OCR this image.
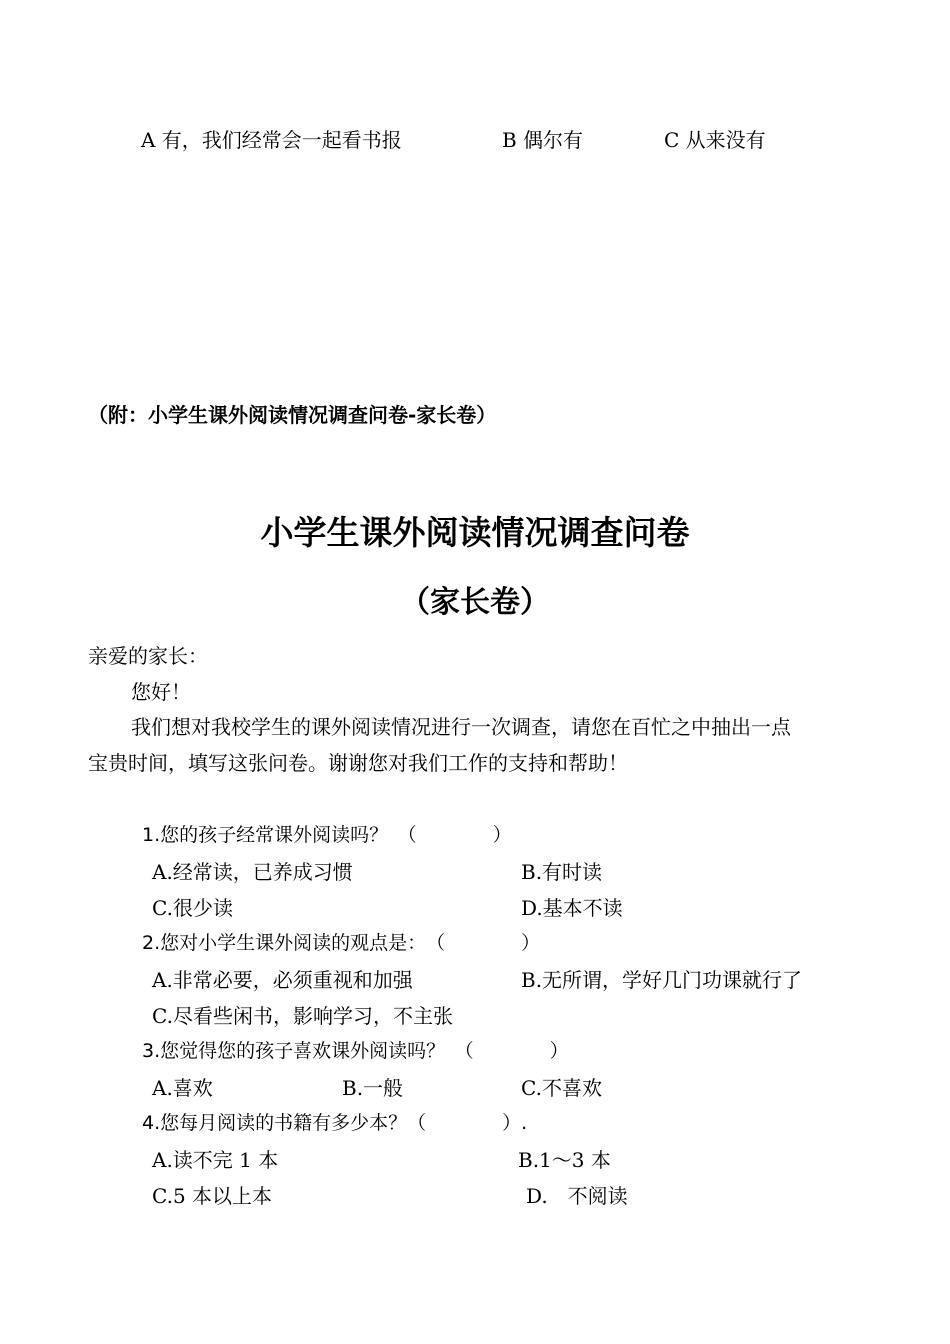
A 有，我们经常会一起看书报	B 偶尔有	C 从来没有
（附：小学生课外阅读情况调查问卷-家长卷）
小学生课外阅读情况调查问卷
（家长卷）
亲爱的家长：
您好！
我们想对我校学生的课外阅读情况进行一次调查，请您在百忙之中抽出一点
宝贵时间，填写这张问卷。谢谢您对我们工作的支持和帮助！
1.您的孩子经常课外阅读吗？　（　　　　）
A.经常读，已养成习惯	B.有时读
C.很少读	D.基本不读
2.您对小学生课外阅读的观点是：　（　　　　）
A.非常必要，必须重视和加强	B.无所谓，学好几门功课就行了
C.尽看些闲书，影响学习，不主张
3.您觉得您的孩子喜欢课外阅读吗？　（　　　　）
A.喜欢	B.一般	C.不喜欢
4.您每月阅读的书籍有多少本？（　　　　）.
A.读不完 1 本	B.1～3 本
C.5 本以上本	D.　不阅读
